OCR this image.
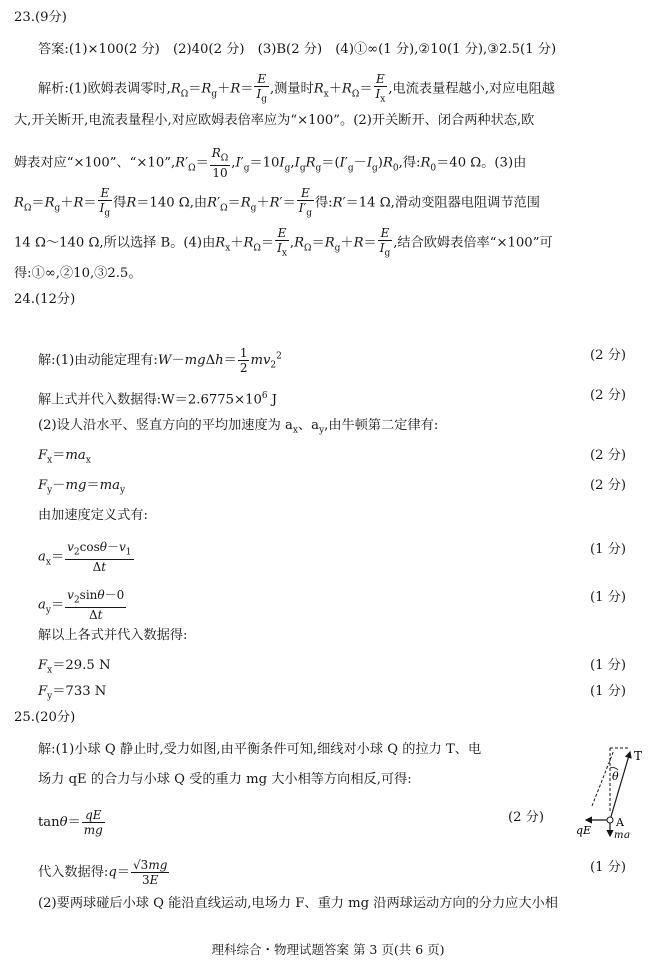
23.(9分)
答案:(1)×100(2 分)　(2)40(2 分)　(3)B(2 分)　(4)①∞(1 分),②10(1 分),③2.5(1 分)
解析:(1)欧姆表调零时$,R_\Omega=R_g+R= \frac{E}{I_g}$ ,测量时$R_x+R_\Omega= \frac{E}{I_x}$ ,电流表量程越小,对应电阻越
大,开关断开,电流表量程小,对应欧姆表倍率应为“×100”。(2)开关断开、闭合两种状态,欧
姆表对应“×100”、“$\times 10”,R'_\Omega= \frac{R_\Omega}{10} ,I'_g=10I_g,I_gR_g=(I'_g-I_g)R_0$,得$:R_0=40$ Ω。(3)由
$R_\Omega=R_g+R= \frac{E}{I_g}$ 得R＝140 Ω,由$R'_\Omega=R_g+R'= \frac{E}{I'_g}$ 得:R′＝14 Ω,滑动变阻器电阻调节范围
14 Ω～140 Ω,所以选择 B。(4)由$R_x+R_\Omega= \frac{E}{I_x} ,R_\Omega=R_g+R= \frac{E}{I_g}$ ,结合欧姆表倍率“×100”可
得:①∞,②10,③2.5。
24.(12分)
解:(1)由动能定理有:W－mgΔh＝ $\frac{1}{2} mv_2^2$	(2 分)
解上式并代入数据得$:W=2.6775\times 10^6$ J	(2 分)
(2)设人沿水平、竖直方向的平均加速度为 $a_x$、$a_y$,由牛顿第二定律有:
$F_x=ma_x$	(2 分)
$F_y-mg=ma_y$	(2 分)
由加速度定义式有:
$a_x= \frac{v_2\cos\theta-v_1}{\Delta t}$	(1 分)
$a_y= \frac{v_2\sin\theta-0}{\Delta t}$	(1 分)
解以上各式并代入数据得:
$F_x=29.5$ N	(1 分)
$F_y=733$ N	(1 分)
25.(20分)
解:(1)小球 Q 静止时,受力如图,由平衡条件可知,细线对小球 Q 的拉力 T、电
场力 qE 的合力与小球 Q 受的重力 mg 大小相等方向相反,可得:
$\tan\theta= \frac{qE}{mg}$	(2 分)
代入数据得:q＝ $\frac{√3mg}{3E}$	(1 分)
(2)要两球碰后小球 Q 能沿直线运动,电场力 F、重力 mg 沿两球运动方向的分力应大小相
T
θ
A
qE mg
理科综合・物理试题答案 第 3 页(共 6 页)
